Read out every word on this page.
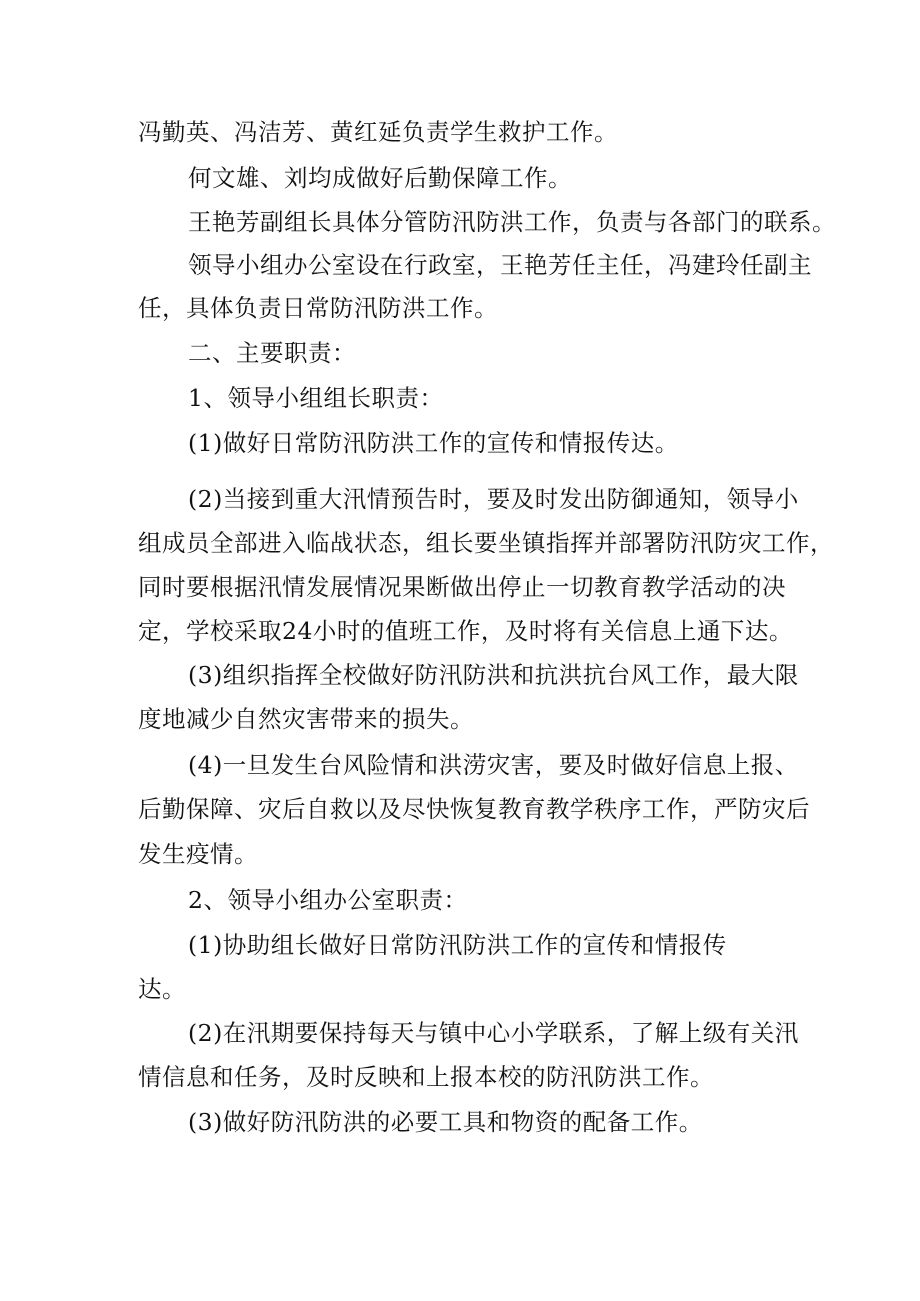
冯勤英、冯洁芳、黄红延负责学生救护工作。
何文雄、刘均成做好后勤保障工作。
王艳芳副组长具体分管防汛防洪工作，负责与各部门的联系。
领导小组办公室设在行政室，王艳芳任主任，冯建玲任副主
任，具体负责日常防汛防洪工作。
二、主要职责：
1、领导小组组长职责：
(1)做好日常防汛防洪工作的宣传和情报传达。
(2)当接到重大汛情预告时，要及时发出防御通知，领导小
组成员全部进入临战状态，组长要坐镇指挥并部署防汛防灾工作，
同时要根据汛情发展情况果断做出停止一切教育教学活动的决
定，学校采取24小时的值班工作，及时将有关信息上通下达。
(3)组织指挥全校做好防汛防洪和抗洪抗台风工作，最大限
度地减少自然灾害带来的损失。
(4)一旦发生台风险情和洪涝灾害，要及时做好信息上报、
后勤保障、灾后自救以及尽快恢复教育教学秩序工作，严防灾后
发生疫情。
2、领导小组办公室职责：
(1)协助组长做好日常防汛防洪工作的宣传和情报传
达。
(2)在汛期要保持每天与镇中心小学联系，了解上级有关汛
情信息和任务，及时反映和上报本校的防汛防洪工作。
(3)做好防汛防洪的必要工具和物资的配备工作。
